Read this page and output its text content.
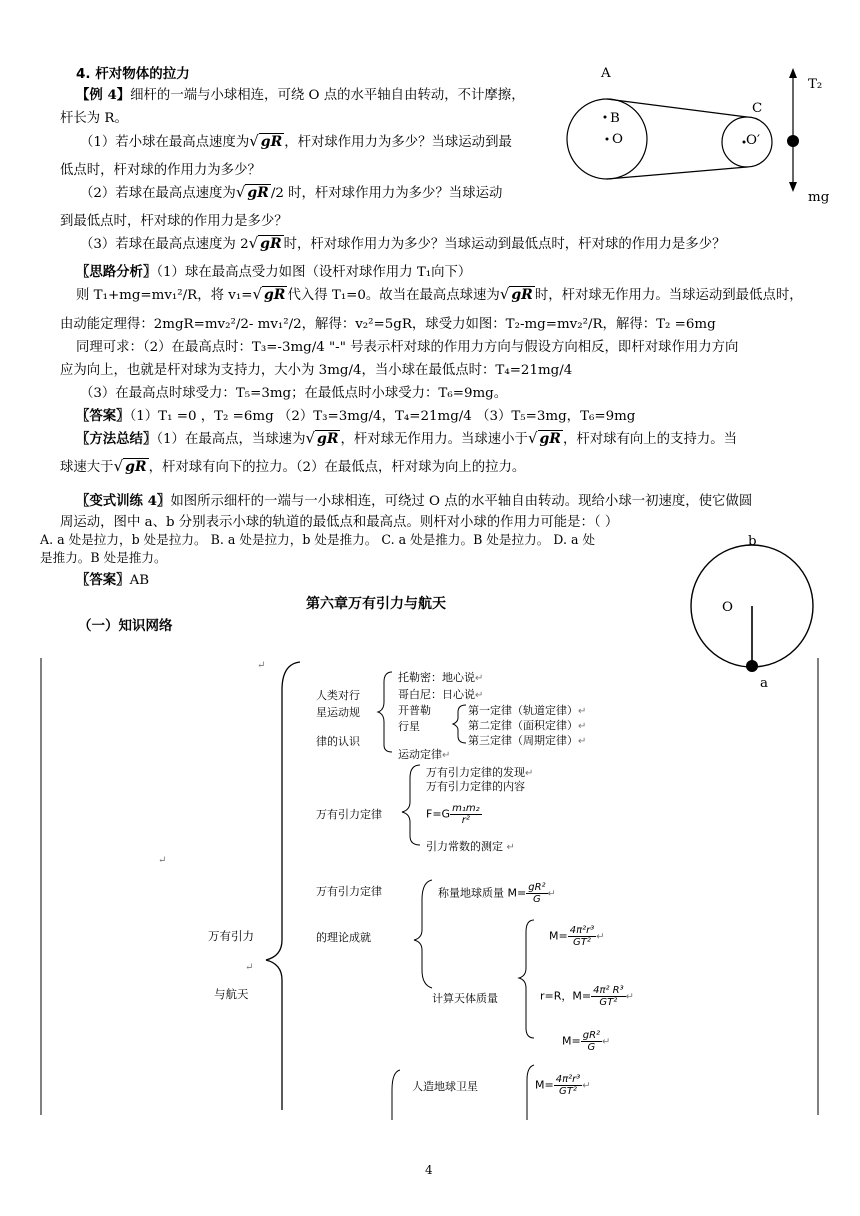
4. 杆对物体的拉力
【例 4】细杆的一端与小球相连，可绕 O 点的水平轴自由转动，不计摩擦，
杆长为 R。
（1）若小球在最高点速度为√ gR ，杆对球作用力为多少？当球运动到最
低点时，杆对球的作用力为多少？
（2）若球在最高点速度为√ gR /2 时，杆对球作用力为多少？当球运动
到最低点时，杆对球的作用力是多少？
（3）若球在最高点速度为 2√ gR 时，杆对球作用力为多少？当球运动到最低点时，杆对球的作用力是多少？
〖思路分析〗（1）球在最高点受力如图（设杆对球作用力 T₁向下）
则 T₁+mg=mv₁²/R，将 v₁=√ gR 代入得 T₁=0。故当在最高点球速为√ gR 时，杆对球无作用力。当球运动到最低点时，
由动能定理得：2mgR=mv₂²/2- mv₁²/2，解得：v₂²=5gR，球受力如图：T₂-mg=mv₂²/R，解得：T₂ =6mg
同理可求：（2）在最高点时：T₃=-3mg/4 "-" 号表示杆对球的作用力方向与假设方向相反，即杆对球作用力方向
应为向上，也就是杆对球为支持力，大小为 3mg/4，当小球在最低点时：T₄=21mg/4
（3）在最高点时球受力：T₅=3mg；在最低点时小球受力：T₆=9mg。
〖答案〗（1）T₁ =0 ，T₂ =6mg （2）T₃=3mg/4，T₄=21mg/4 （3）T₅=3mg，T₆=9mg
〖方法总结〗（1）在最高点，当球速为√ gR ，杆对球无作用力。当球速小于√ gR ，杆对球有向上的支持力。当
球速大于√ gR ，杆对球有向下的拉力。（2）在最低点，杆对球为向上的拉力。
〖变式训练 4〗如图所示细杆的一端与一小球相连，可绕过 O 点的水平轴自由转动。现给小球一初速度，使它做圆
周运动，图中 a、b 分别表示小球的轨道的最低点和最高点。则杆对小球的作用力可能是：（ ）
A. a 处是拉力，b 处是拉力。 B. a 处是拉力，b 处是推力。 C. a 处是推力。B 处是拉力。 D. a 处
是推力。B 处是推力。
〖答案〗AB
A
B
O
C
O′
T₂
mg
b
O
a
第六章万有引力与航天
（一）知识网络
↵
↵
↵
万有引力
与航天
人类对行
星运动规
律的认识
托勒密：地心说↵
哥白尼：日心说↵
开普勒
行星
第一定律（轨道定律）↵
第二定律（面积定律）↵
第三定律（周期定律）↵
运动定律↵
万有引力定律
万有引力定律的发现↵
万有引力定律的内容
$F=G \frac{\text{m₁m₂}}{\text{r²}}$
引力常数的测定 ↵
万有引力定律
的理论成就
称量地球质量 $M= \frac{\text{gR²}}{G}$ ↵
$M= \frac{\text{4π²r³}}{\text{GT²}}$ ↵
计算天体质量	r=R，$M= \frac{\text{4π² R³}}{\text{GT²}}$ ↵
$M= \frac{\text{gR²}}{G}$ ↵
人造地球卫星	$M= \frac{\text{4π²r³}}{\text{GT²}}$ ↵
4
